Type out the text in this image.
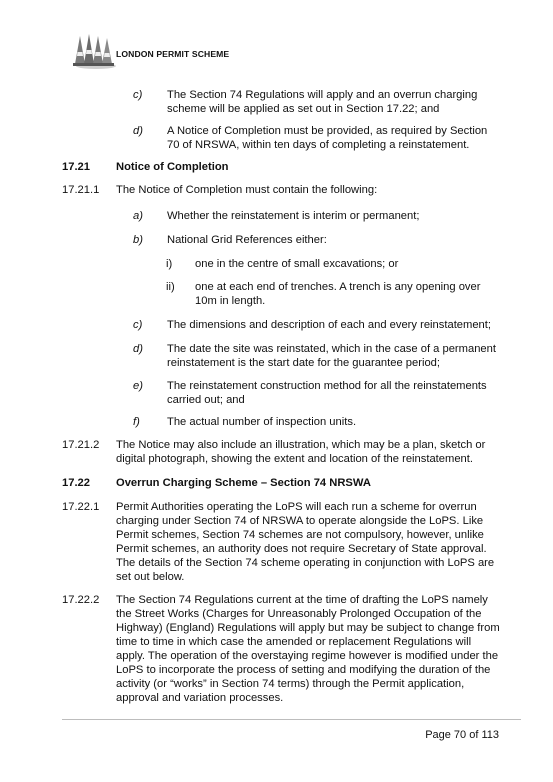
LONDON PERMIT SCHEME
c) The Section 74 Regulations will apply and an overrun charging
scheme will be applied as set out in Section 17.22; and
d) A Notice of Completion must be provided, as required by Section
70 of NRSWA, within ten days of completing a reinstatement.
17.21 Notice of Completion
17.21.1 The Notice of Completion must contain the following:
a) Whether the reinstatement is interim or permanent;
b) National Grid References either:
i) one in the centre of small excavations; or
ii) one at each end of trenches. A trench is any opening over
10m in length.
c) The dimensions and description of each and every reinstatement;
d) The date the site was reinstated, which in the case of a permanent
reinstatement is the start date for the guarantee period;
e) The reinstatement construction method for all the reinstatements
carried out; and
f) The actual number of inspection units.
17.21.2 The Notice may also include an illustration, which may be a plan, sketch or
digital photograph, showing the extent and location of the reinstatement.
17.22 Overrun Charging Scheme – Section 74 NRSWA
17.22.1 Permit Authorities operating the LoPS will each run a scheme for overrun
charging under Section 74 of NRSWA to operate alongside the LoPS. Like
Permit schemes, Section 74 schemes are not compulsory, however, unlike
Permit schemes, an authority does not require Secretary of State approval.
The details of the Section 74 scheme operating in conjunction with LoPS are
set out below.
17.22.2 The Section 74 Regulations current at the time of drafting the LoPS namely
the Street Works (Charges for Unreasonably Prolonged Occupation of the
Highway) (England) Regulations will apply but may be subject to change from
time to time in which case the amended or replacement Regulations will
apply. The operation of the overstaying regime however is modified under the
LoPS to incorporate the process of setting and modifying the duration of the
activity (or “works” in Section 74 terms) through the Permit application,
approval and variation processes.
Page 70 of 113
